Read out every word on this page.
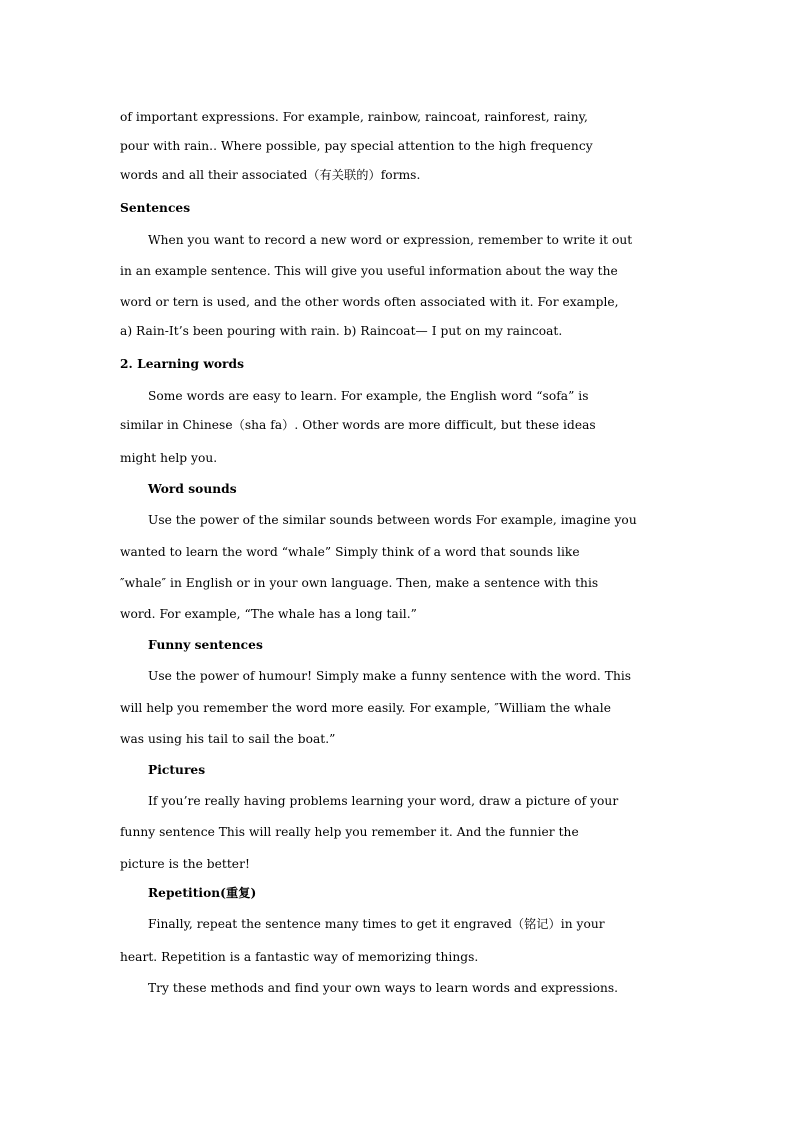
of important expressions. For example, rainbow, raincoat, rainforest, rainy,
pour with rain.. Where possible, pay special attention to the high frequency
words and all their associated（有关联的）forms.
Sentences
When you want to record a new word or expression, remember to write it out
in an example sentence. This will give you useful information about the way the
word or tern is used, and the other words often associated with it. For example,
a) Rain-It’s been pouring with rain. b) Raincoat— I put on my raincoat.
2. Learning words
Some words are easy to learn. For example, the English word “sofa” is
similar in Chinese（sha fa）. Other words are more difficult, but these ideas
might help you.
Word sounds
Use the power of the similar sounds between words For example, imagine you
wanted to learn the word “whale” Simply think of a word that sounds like
″whale″ in English or in your own language. Then, make a sentence with this
word. For example, “The whale has a long tail.”
Funny sentences
Use the power of humour! Simply make a funny sentence with the word. This
will help you remember the word more easily. For example, ″William the whale
was using his tail to sail the boat.”
Pictures
If you’re really having problems learning your word, draw a picture of your
funny sentence This will really help you remember it. And the funnier the
picture is the better!
Repetition(重复)
Finally, repeat the sentence many times to get it engraved（铭记）in your
heart. Repetition is a fantastic way of memorizing things.
Try these methods and find your own ways to learn words and expressions.
